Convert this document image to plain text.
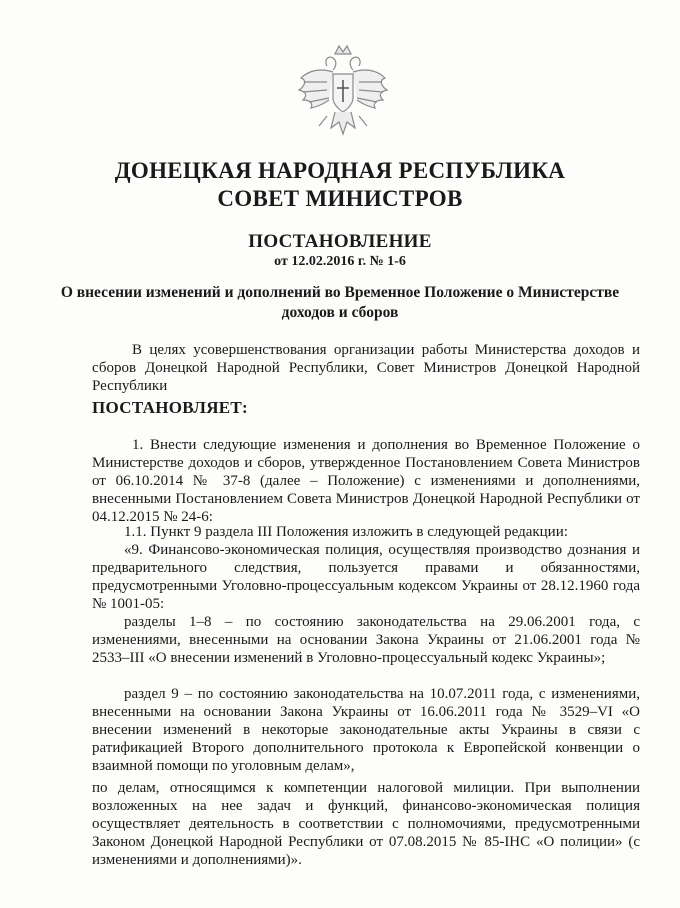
ДОНЕЦКАЯ НАРОДНАЯ РЕСПУБЛИКА
СОВЕТ МИНИСТРОВ
ПОСТАНОВЛЕНИЕ
от 12.02.2016 г. № 1-6
О внесении изменений и дополнений во Временное Положение о Министерстве доходов и сборов
В целях усовершенствования организации работы Министерства доходов и сборов Донецкой Народной Республики, Совет Министров Донецкой Народной Республики
ПОСТАНОВЛЯЕТ:
1. Внести следующие изменения и дополнения во Временное Положение о Министерстве доходов и сборов, утвержденное Постановлением Совета Министров от 06.10.2014 № 37-8 (далее – Положение) с изменениями и дополнениями, внесенными Постановлением Совета Министров Донецкой Народной Республики от 04.12.2015 № 24-6:
1.1. Пункт 9 раздела III Положения изложить в следующей редакции:
«9. Финансово-экономическая полиция, осуществляя производство дознания и предварительного следствия, пользуется правами и обязанностями, предусмотренными Уголовно-процессуальным кодексом Украины от 28.12.1960 года № 1001-05:
разделы 1–8 – по состоянию законодательства на 29.06.2001 года, с изменениями, внесенными на основании Закона Украины от 21.06.2001 года № 2533–III «О внесении изменений в Уголовно-процессуальный кодекс Украины»;
раздел 9 – по состоянию законодательства на 10.07.2011 года, с изменениями, внесенными на основании Закона Украины от 16.06.2011 года № 3529–VI «О внесении изменений в некоторые законодательные акты Украины в связи с ратификацией Второго дополнительного протокола к Европейской конвенции о взаимной помощи по уголовным делам»,
по делам, относящимся к компетенции налоговой милиции. При выполнении возложенных на нее задач и функций, финансово-экономическая полиция осуществляет деятельность в соответствии с полномочиями, предусмотренными Законом Донецкой Народной Республики от 07.08.2015 № 85-IНС «О полиции» (с изменениями и дополнениями)».
